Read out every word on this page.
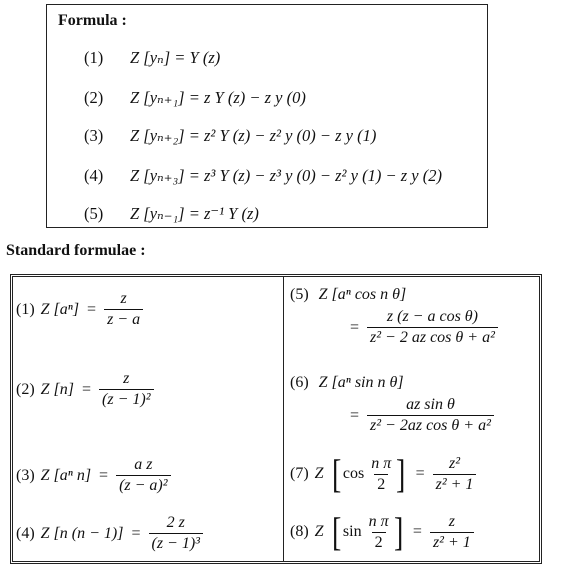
Formula :
(1) Z [yₙ] = Y (z)
(2) Z [yₙ₊₁] = z Y (z) − z y (0)
(3) Z [yₙ₊₂] = z² Y (z) − z² y (0) − z y (1)
(4) Z [yₙ₊₃] = z³ Y (z) − z³ y (0) − z² y (1) − z y (2)
(5) Z [yₙ₋₁] = z⁻¹ Y (z)
Standard formulae :
(1) Z $[a^n] = \frac{z}{z - a}$
(2) Z $[n] = \frac{z}{\text{(z − 1)²}}$
(3) Z [aⁿ $n] = \frac{\text{a z}}{\text{(z − a)²}}$
(4) Z [n $(n - 1)] = \frac{2 z}{\text{(z − 1)³}}$
(5) Z [aⁿ cos n θ]
= $\frac{\text{z (z − a cos θ)}}{\text{z² − 2 az cos θ + a²}}$
(6) Z [aⁿ sin n θ]
= $\frac{\text{az sin θ}}{\text{z² − 2az cos θ + a²}}$
(7) Z [ $\cos \frac{\text{n π}}{2}$ ] = $\frac{\text{z²}}{\text{z² + 1}}$
(8) Z [ $\sin \frac{\text{n π}}{2}$ ] = $\frac{z}{\text{z² + 1}}$
